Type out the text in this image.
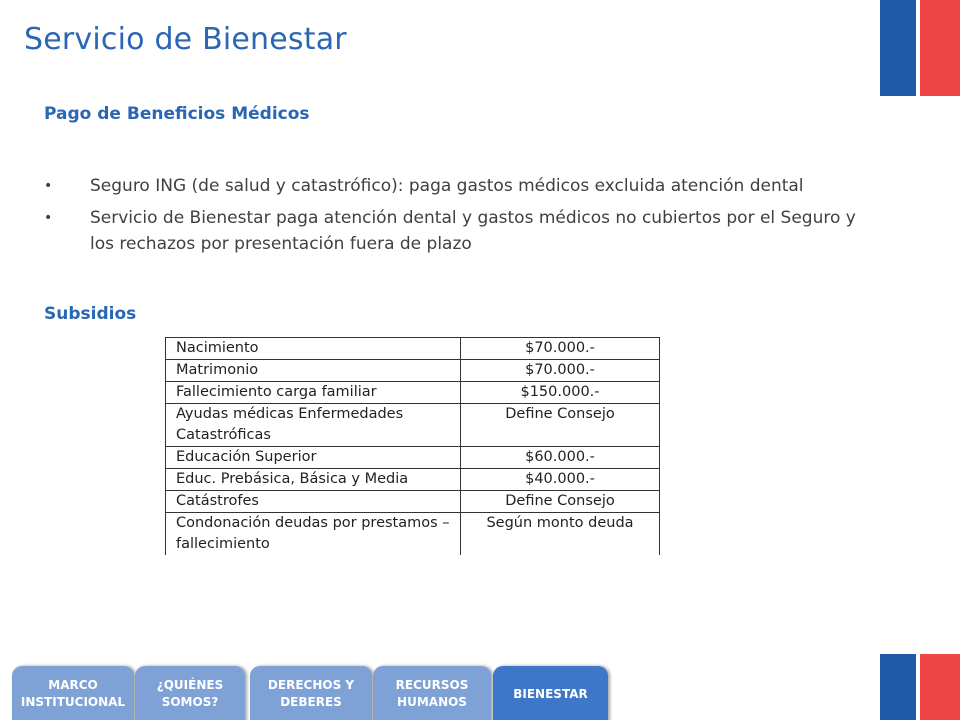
Servicio de Bienestar
Pago de Beneficios Médicos
• Seguro ING (de salud y catastrófico): paga gastos médicos excluida atención dental
• Servicio de Bienestar paga atención dental y gastos médicos no cubiertos por el Seguro y los rechazos por presentación fuera de plazo
Subsidios
Nacimiento	$70.000.-
Matrimonio	$70.000.-
Fallecimiento carga familiar	$150.000.-
Ayudas médicas Enfermedades Catastróficas	Define Consejo
Educación Superior	$60.000.-
Educ. Prebásica, Básica y Media	$40.000.-
Catástrofes	Define Consejo
Condonación deudas por prestamos – fallecimiento	Según monto deuda
MARCO INSTITUCIONAL
¿QUIÉNES SOMOS?
DERECHOS Y DEBERES
RECURSOS HUMANOS
BIENESTAR
